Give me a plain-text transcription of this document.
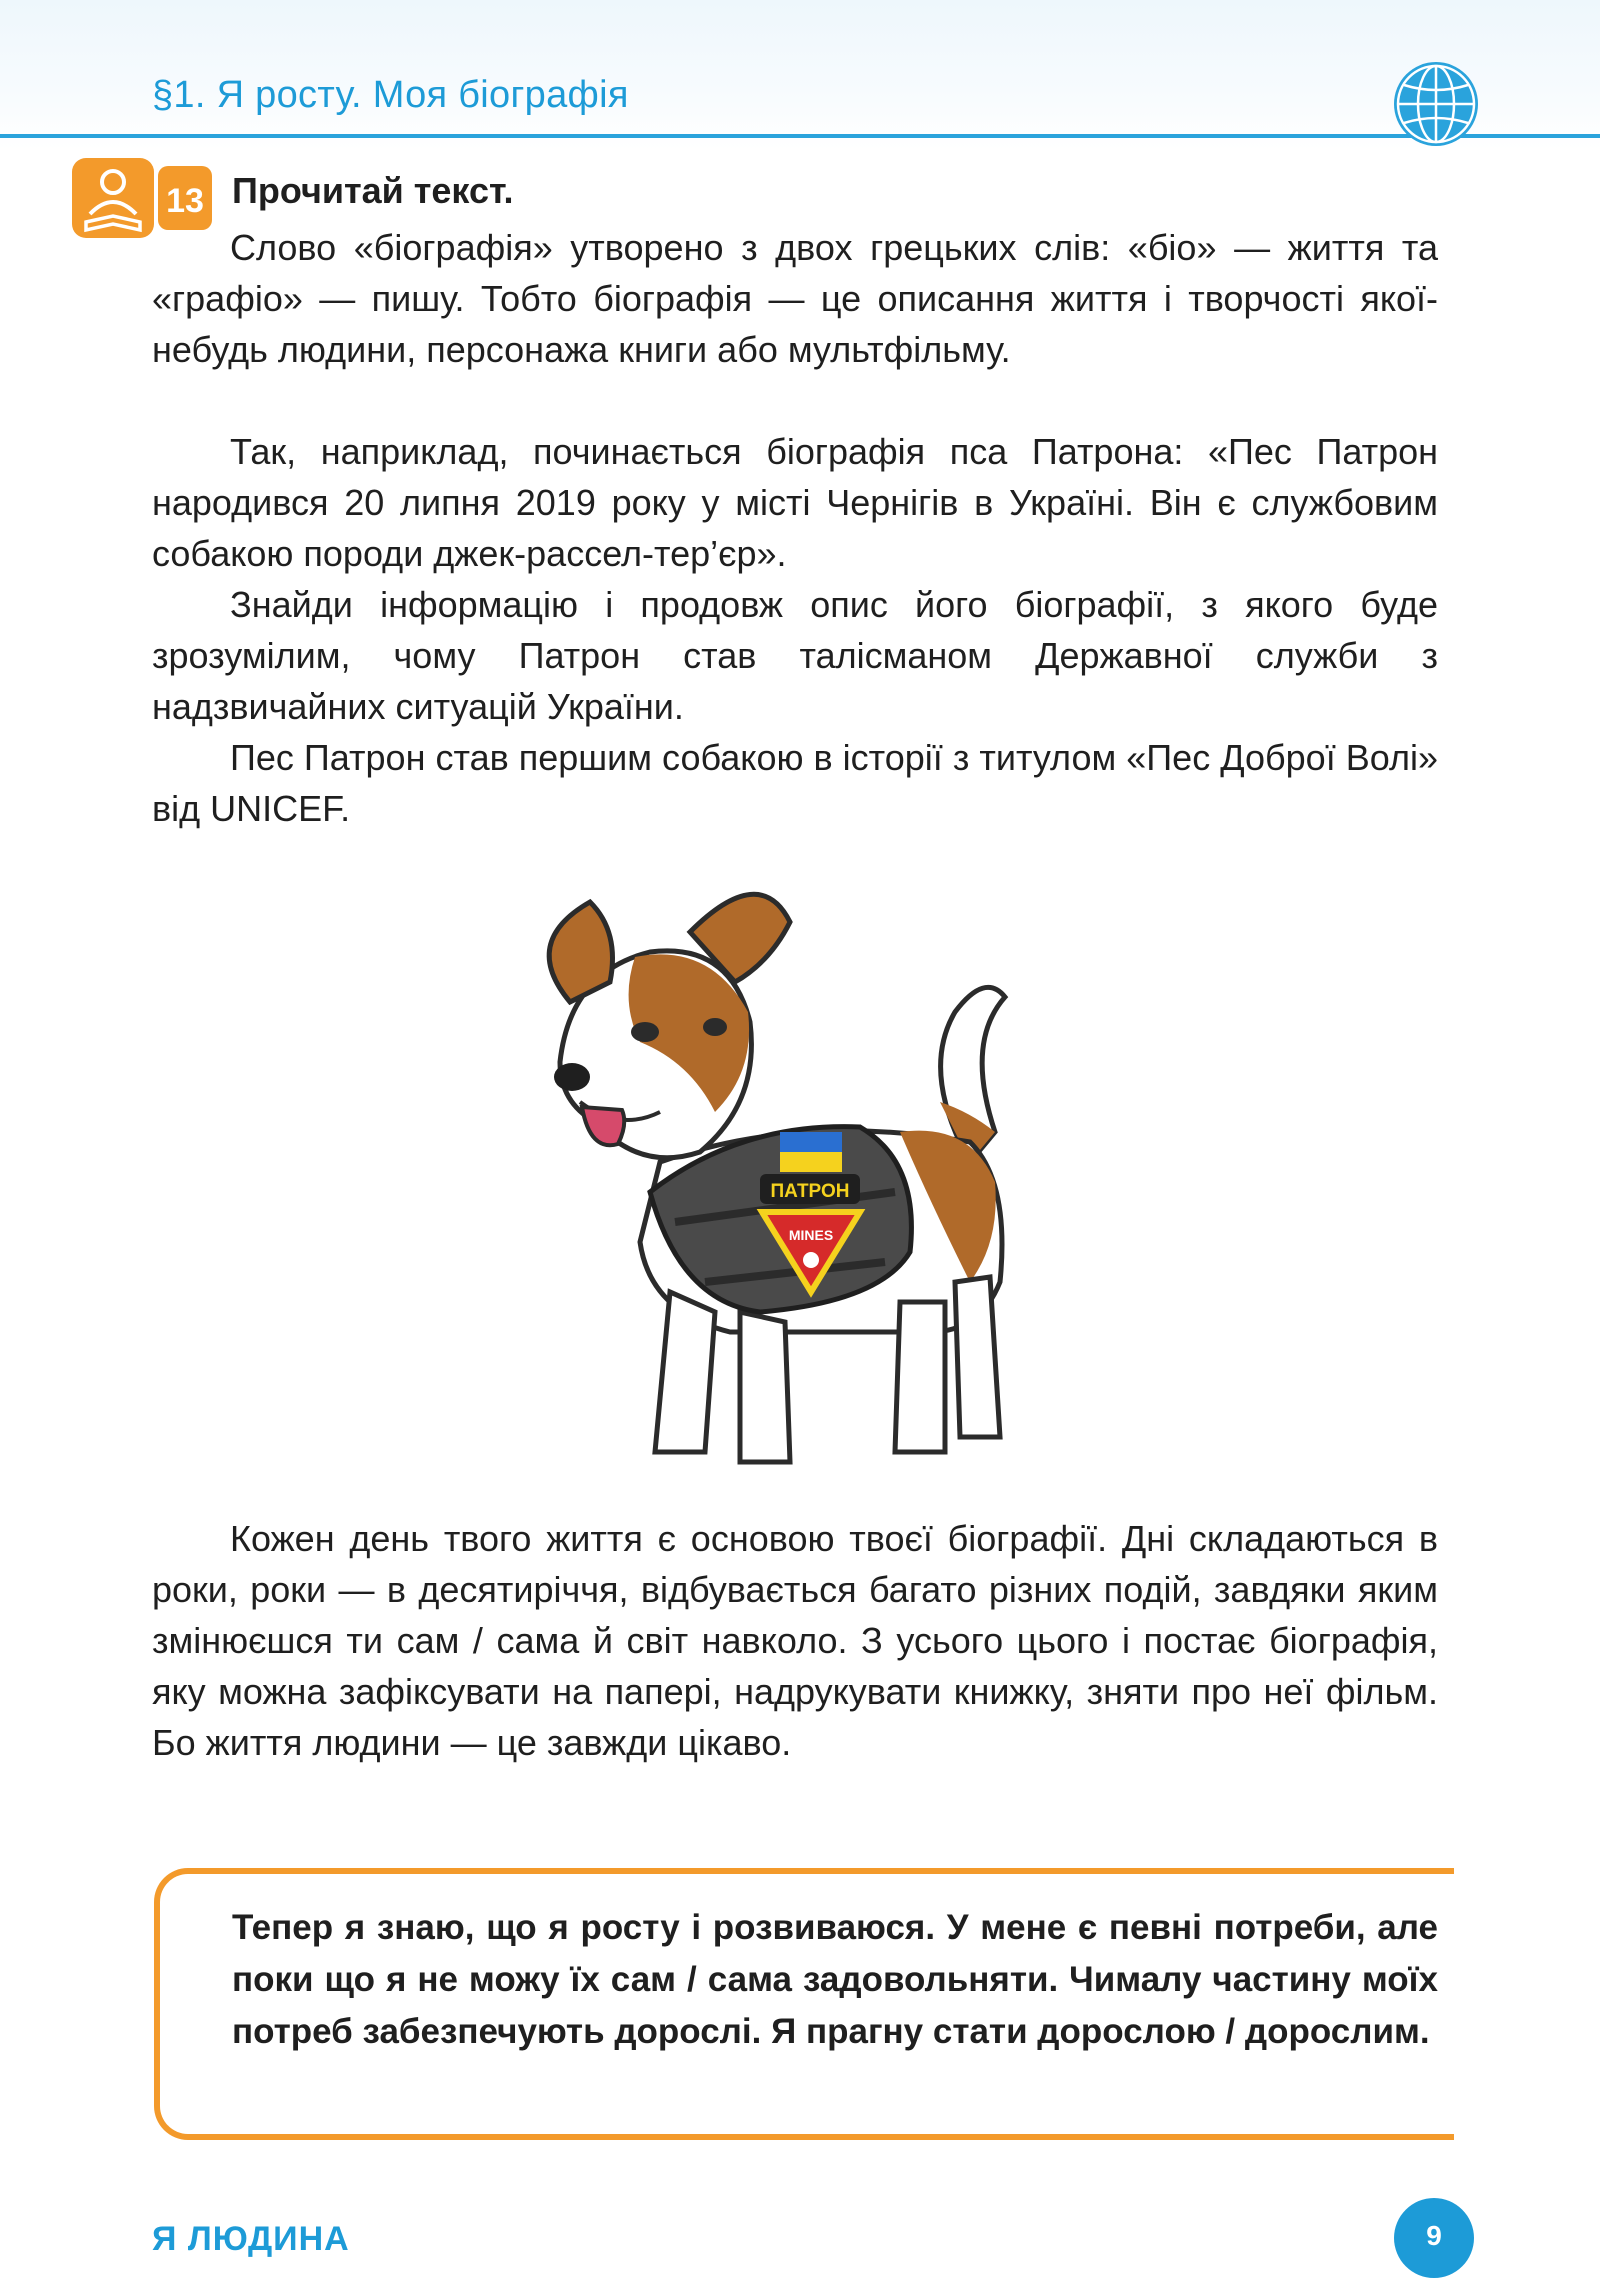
§1. Я росту. Моя біографія
13 Прочитай текст.

Слово «біографія» утворено з двох грецьких слів: «біо» — життя та «графіо» — пишу. Тобто біографія — це описання життя і творчості якої-небудь людини, персонажа книги або мультфільму.

Так, наприклад, починається біографія пса Патрона: «Пес Патрон народився 20 липня 2019 року у місті Чернігів в Україні. Він є службовим собакою породи джек-рассел-тер’єр».

Знайди інформацію і продовж опис його біографії, з якого буде зрозумілим, чому Патрон став талісманом Державної служби з надзвичайних ситуацій України.

Пес Патрон став першим собакою в історії з титулом «Пес Доброї Волі» від UNICEF.

ПАТРОН
MINES

Кожен день твого життя є основою твоєї біографії. Дні складаються в роки, роки — в десятиріччя, відбувається багато різних подій, завдяки яким змінюєшся ти сам / сама й світ навколо. З усього цього і постає біографія, яку можна зафіксувати на папері, надрукувати книжку, зняти про неї фільм. Бо життя людини — це завжди цікаво.

Тепер я знаю, що я росту і розвиваюся. У мене є певні потреби, але поки що я не можу їх сам / сама задовольняти. Чималу частину моїх потреб забезпечують дорослі. Я прагну стати дорослою / дорослим.

Я ЛЮДИНА	9
